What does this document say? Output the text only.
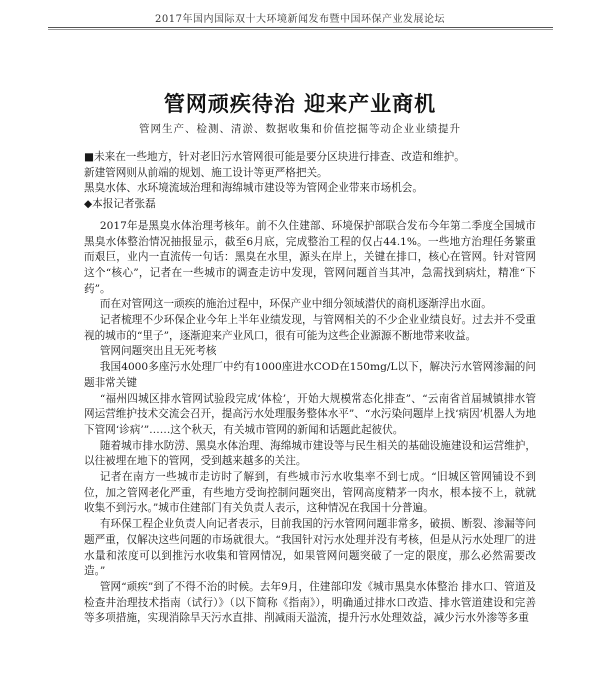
2017年国内国际双十大环境新闻发布暨中国环保产业发展论坛
管网顽疾待治 迎来产业商机
管网生产、检测、清淤、数据收集和价值挖掘等动企业业绩提升

■未来在一些地方，针对老旧污水管网很可能是要分区块进行排查、改造和维护。

新建管网则从前端的规划、施工设计等更严格把关。

黑臭水体、水环境流域治理和海绵城市建设等为管网企业带来市场机会。

◆本报记者张磊

2017年是黑臭水体治理考核年。前不久住建部、环境保护部联合发布今年第二季度全国城市黑臭水体整治情况抽报显示，截至6月底，完成整治工程的仅占44.1%。一些地方治理任务繁重而艰巨，业内一直流传一句话：黑臭在水里，源头在岸上，关键在排口，核心在管网。针对管网这个“核心”，记者在一些城市的调查走访中发现，管网问题首当其冲，急需找到病灶，精准“下药”。

而在对管网这一顽疾的施治过程中，环保产业中细分领域潜伏的商机逐渐浮出水面。

记者梳理不少环保企业今年上半年业绩发现，与管网相关的不少企业业绩良好。过去并不受重视的城市的“里子”，逐渐迎来产业风口，很有可能为这些企业源源不断地带来收益。

管网问题突出且无死考核

我国4000多座污水处理厂中约有1000座进水COD在150mg/L以下，解决污水管网渗漏的问题非常关键

“福州四城区排水管网试验段完成‘体检’，开始大规模常态化排查”、“云南省首届城镇排水管网运营维护技术交流会召开，提高污水处理服务整体水平”、“水污染问题岸上找‘病因’机器人为地下管网‘诊病’”……这个秋天，有关城市管网的新闻和话题此起彼伏。

随着城市排水防涝、黑臭水体治理、海绵城市建设等与民生相关的基础设施建设和运营维护，以往被埋在地下的管网，受到越来越多的关注。

记者在南方一些城市走访时了解到，有些城市污水收集率不到七成。“旧城区管网铺设不到位，加之管网老化严重，有些地方受询控制问题突出，管网高度精茅一肉水，根本接不上，就就收集不到污水。”城市住建部门有关负责人表示，这种情况在我国十分普遍。

有环保工程企业负责人向记者表示，目前我国的污水管网问题非常多，破损、断裂、渗漏等问题严重，仅解决这些问题的市场就很大。“我国针对污水处理并没有考核，但是从污水处理厂的进水量和浓度可以到推污水收集和管网情况，如果管网问题突破了一定的限度，那么必然需要改造。”

管网“顽疾”到了不得不治的时候。去年9月，住建部印发《城市黑臭水体整治 排水口、管道及检查井治理技术指南（试行）》（以下简称《指南》），明确通过排水口改造、排水管道建设和完善等多项措施，实现消除旱天污水直排、削减雨天溢流，提升污水处理效益，减少污水外渗等多重
